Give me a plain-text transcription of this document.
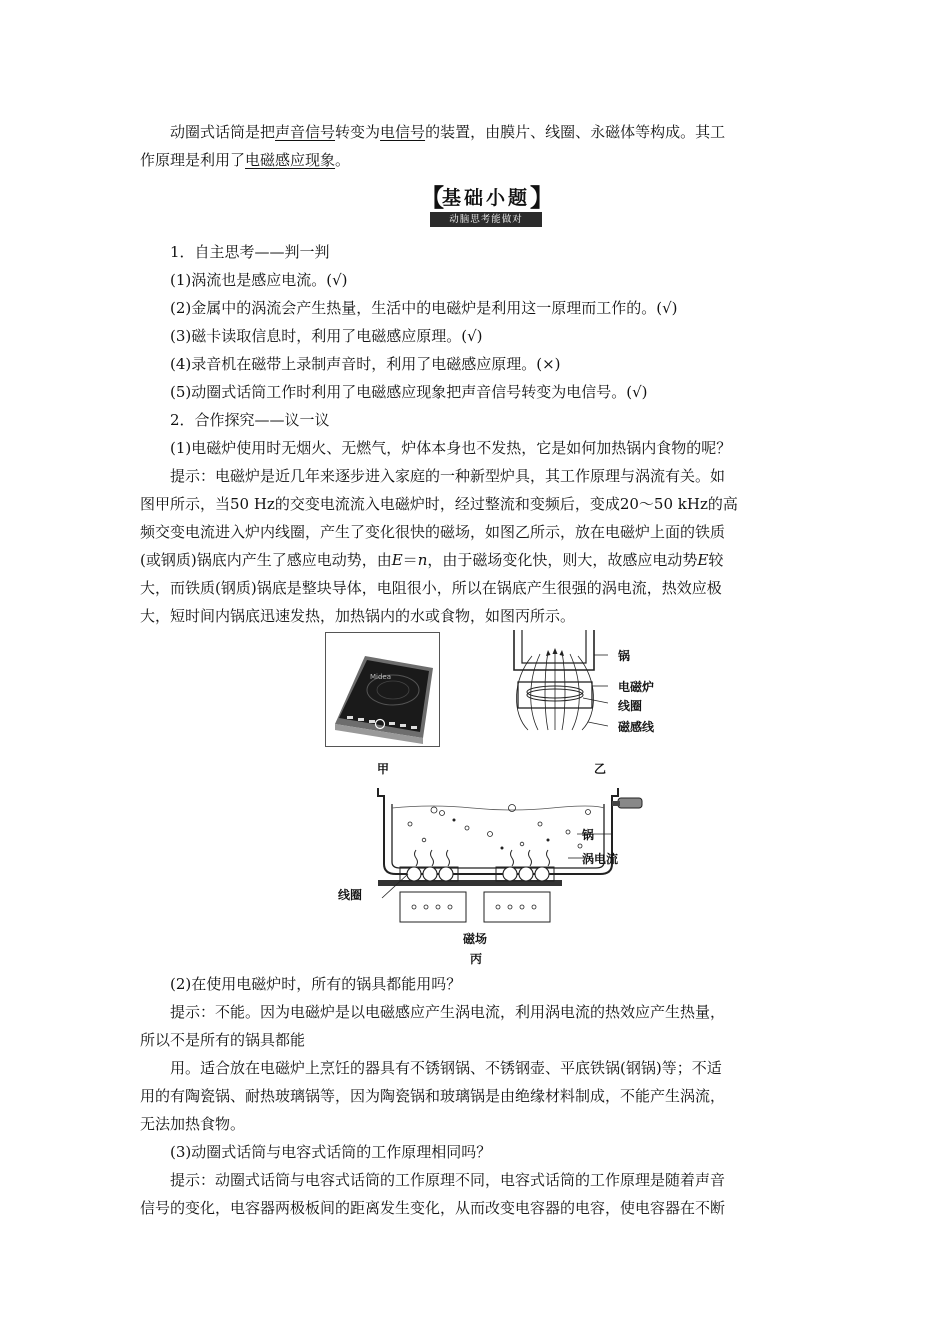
动圈式话筒是把声音信号转变为电信号的装置，由膜片、线圈、永磁体等构成。其工
作原理是利用了电磁感应现象。
【
基础小题 】
动脑思考能做对
1．自主思考——判一判
(1)涡流也是感应电流。(√)
(2)金属中的涡流会产生热量，生活中的电磁炉是利用这一原理而工作的。(√)
(3)磁卡读取信息时，利用了电磁感应原理。(√)
(4)录音机在磁带上录制声音时，利用了电磁感应原理。(×)
(5)动圈式话筒工作时利用了电磁感应现象把声音信号转变为电信号。(√)
2．合作探究——议一议
(1)电磁炉使用时无烟火、无燃气，炉体本身也不发热，它是如何加热锅内食物的呢？
提示：电磁炉是近几年来逐步进入家庭的一种新型炉具，其工作原理与涡流有关。如
图甲所示，当50 Hz的交变电流流入电磁炉时，经过整流和变频后，变成20～50 kHz的高
频交变电流进入炉内线圈，产生了变化很快的磁场，如图乙所示，放在电磁炉上面的铁质
(或钢质)锅底内产生了感应电动势，由E＝n，由于磁场变化快，则大，故感应电动势E较
大，而铁质(钢质)锅底是整块导体，电阻很小，所以在锅底产生很强的涡电流，热效应极
大，短时间内锅底迅速发热，加热锅内的水或食物，如图丙所示。
Midea
甲
锅
电磁炉
线圈
磁感线
乙
锅
涡电流
线圈
磁场
丙
(2)在使用电磁炉时，所有的锅具都能用吗？
提示：不能。因为电磁炉是以电磁感应产生涡电流，利用涡电流的热效应产生热量，
所以不是所有的锅具都能
用。适合放在电磁炉上烹饪的器具有不锈钢锅、不锈钢壶、平底铁锅(钢锅)等；不适
用的有陶瓷锅、耐热玻璃锅等，因为陶瓷锅和玻璃锅是由绝缘材料制成，不能产生涡流，
无法加热食物。
(3)动圈式话筒与电容式话筒的工作原理相同吗？
提示：动圈式话筒与电容式话筒的工作原理不同，电容式话筒的工作原理是随着声音
信号的变化，电容器两极板间的距离发生变化，从而改变电容器的电容，使电容器在不断
